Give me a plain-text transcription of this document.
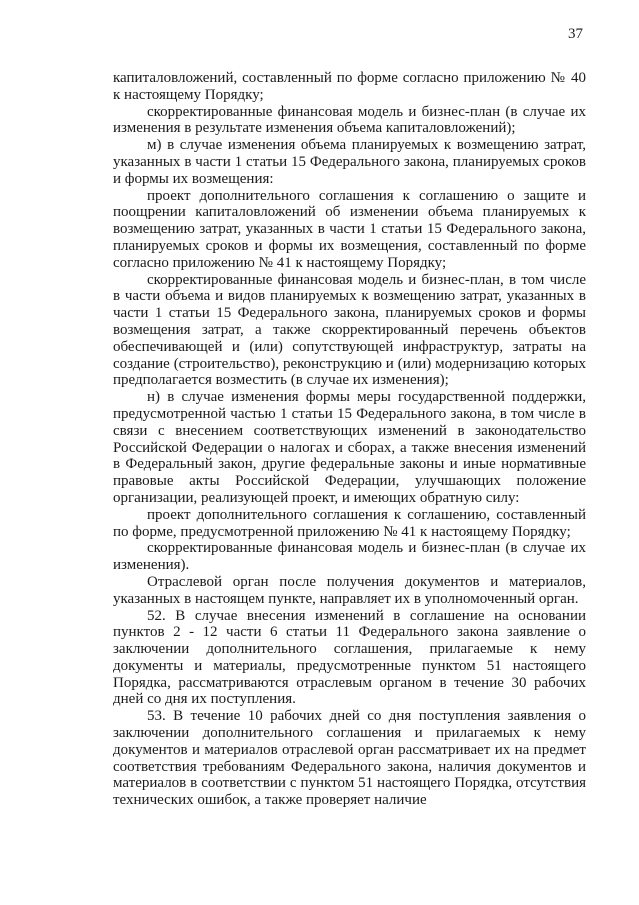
37

капиталовложений, составленный по форме согласно приложению № 40 к настоящему Порядку;

скорректированные финансовая модель и бизнес-план (в случае их изменения в результате изменения объема капиталовложений);

м) в случае изменения объема планируемых к возмещению затрат, указанных в части 1 статьи 15 Федерального закона, планируемых сроков и формы их возмещения:

проект дополнительного соглашения к соглашению о защите и поощрении капиталовложений об изменении объема планируемых к возмещению затрат, указанных в части 1 статьи 15 Федерального закона, планируемых сроков и формы их возмещения, составленный по форме согласно приложению № 41 к настоящему Порядку;

скорректированные финансовая модель и бизнес-план, в том числе в части объема и видов планируемых к возмещению затрат, указанных в части 1 статьи 15 Федерального закона, планируемых сроков и формы возмещения затрат, а также скорректированный перечень объектов обеспечивающей и (или) сопутствующей инфраструктур, затраты на создание (строительство), реконструкцию и (или) модернизацию которых предполагается возместить (в случае их изменения);

н) в случае изменения формы меры государственной поддержки, предусмотренной частью 1 статьи 15 Федерального закона, в том числе в связи с внесением соответствующих изменений в законодательство Российской Федерации о налогах и сборах, а также внесения изменений в Федеральный закон, другие федеральные законы и иные нормативные правовые акты Российской Федерации, улучшающих положение организации, реализующей проект, и имеющих обратную силу:

проект дополнительного соглашения к соглашению, составленный по форме, предусмотренной приложению № 41 к настоящему Порядку;

скорректированные финансовая модель и бизнес-план (в случае их изменения).

Отраслевой орган после получения документов и материалов, указанных в настоящем пункте, направляет их в уполномоченный орган.

52. В случае внесения изменений в соглашение на основании пунктов 2 - 12 части 6 статьи 11 Федерального закона заявление о заключении дополнительного соглашения, прилагаемые к нему документы и материалы, предусмотренные пунктом 51 настоящего Порядка, рассматриваются отраслевым органом в течение 30 рабочих дней со дня их поступления.

53. В течение 10 рабочих дней со дня поступления заявления о заключении дополнительного соглашения и прилагаемых к нему документов и материалов отраслевой орган рассматривает их на предмет соответствия требованиям Федерального закона, наличия документов и материалов в соответствии с пунктом 51 настоящего Порядка, отсутствия технических ошибок, а также проверяет наличие
